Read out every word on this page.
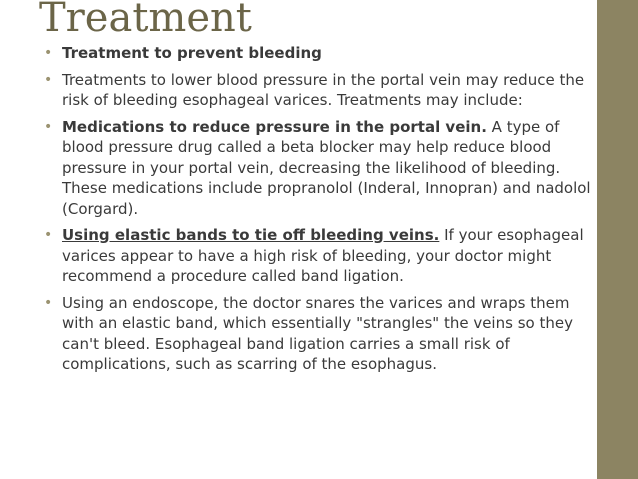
Treatment
• Treatment to prevent bleeding
• Treatments to lower blood pressure in the portal vein may reduce the risk of bleeding esophageal varices. Treatments may include:
• Medications to reduce pressure in the portal vein. A type of blood pressure drug called a beta blocker may help reduce blood pressure in your portal vein, decreasing the likelihood of bleeding. These medications include propranolol (Inderal, Innopran) and nadolol (Corgard).
• Using elastic bands to tie off bleeding veins. If your esophageal varices appear to have a high risk of bleeding, your doctor might recommend a procedure called band ligation.
• Using an endoscope, the doctor snares the varices and wraps them with an elastic band, which essentially "strangles" the veins so they can't bleed. Esophageal band ligation carries a small risk of complications, such as scarring of the esophagus.
